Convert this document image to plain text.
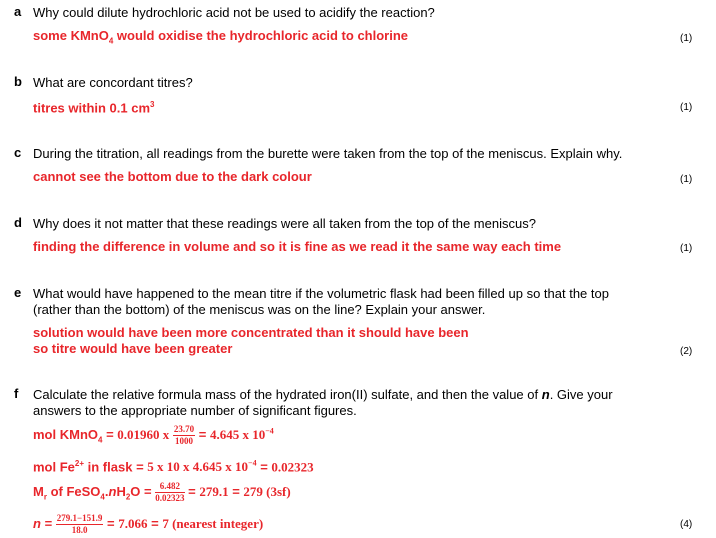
a Why could dilute hydrochloric acid not be used to acidify the reaction?
some KMnO$_4$ would oxidise the hydrochloric acid to chlorine	(1)
b What are concordant titres?
titres within 0.1 $cm^3$	(1)
c During the titration, all readings from the burette were taken from the top of the meniscus. Explain why.
cannot see the bottom due to the dark colour	(1)
d Why does it not matter that these readings were all taken from the top of the meniscus?
finding the difference in volume and so it is fine as we read it the same way each time	(1)
e What would have happened to the mean titre if the volumetric flask had been filled up so that the top
(rather than the bottom) of the meniscus was on the line? Explain your answer.
solution would have been more concentrated than it should have been
so titre would have been greater	(2)
f Calculate the relative formula mass of the hydrated iron(II) sulfate, and then the value of n. Give your
answers to the appropriate number of significant figures.
mol KMnO$_4$ = 0.01960 x $\frac{23.70}{1000} = 4.645$ x $10^{-4}$
mol $Fe^{2+}$ in flask = 5 x 10 x 4.645 x $10^{-4} = 0.02323$
$M_r$ of $FeSO_4.nH_2O = \frac{6.482}{0.02323} = 279.1 = 279$ (3sf)
$n = \frac{279.1-151.9}{18.0} = 7.066 = 7$ (nearest integer)	(4)
